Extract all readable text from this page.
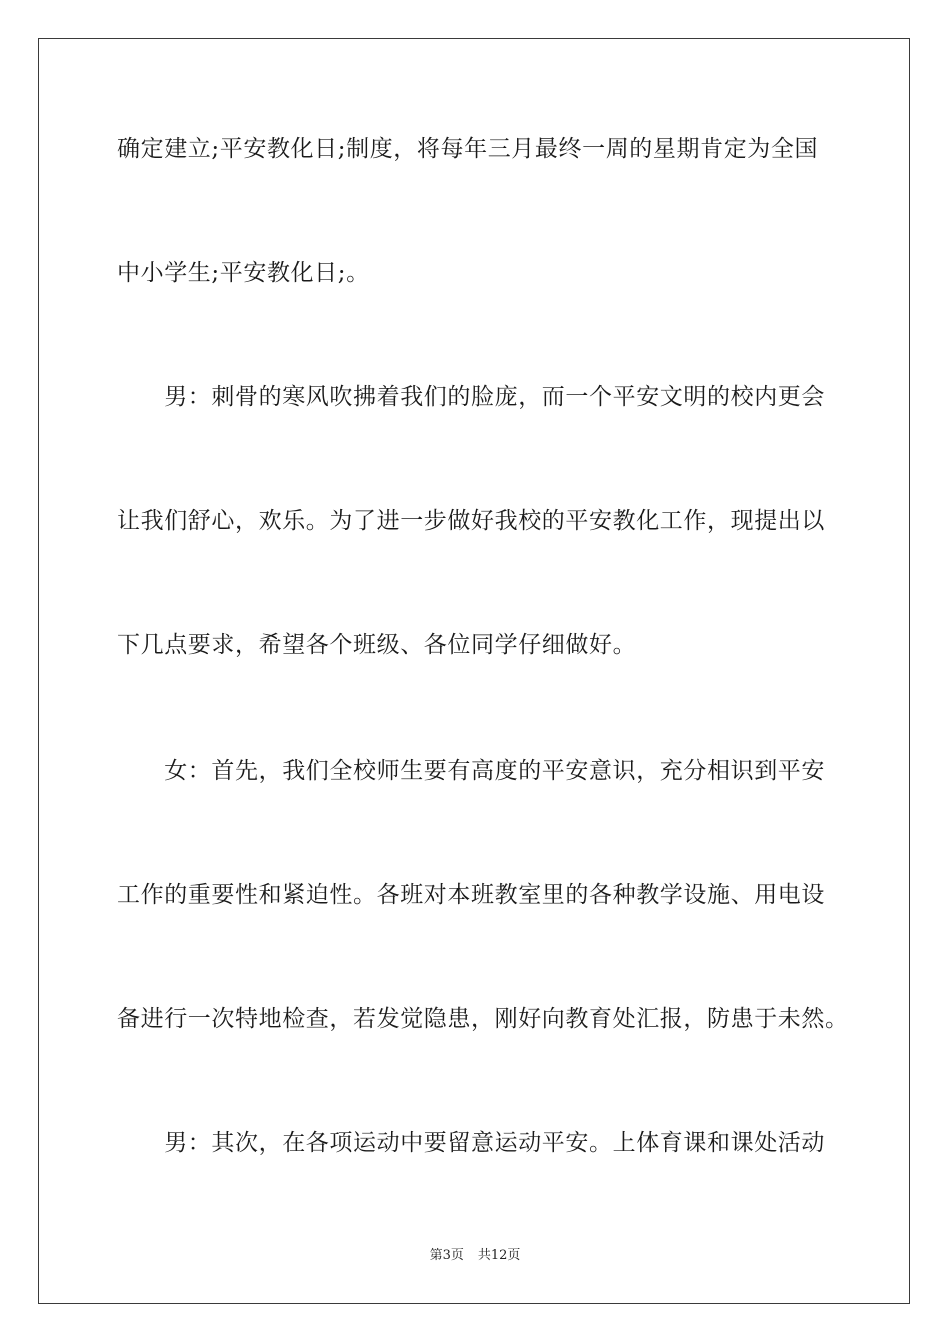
确定建立;平安教化日;制度，将每年三月最终一周的星期肯定为全国
中小学生;平安教化日;。
　　男：刺骨的寒风吹拂着我们的脸庞，而一个平安文明的校内更会
让我们舒心，欢乐。为了进一步做好我校的平安教化工作，现提出以
下几点要求，希望各个班级、各位同学仔细做好。
　　女：首先，我们全校师生要有高度的平安意识，充分相识到平安
工作的重要性和紧迫性。各班对本班教室里的各种教学设施、用电设
备进行一次特地检查，若发觉隐患，刚好向教育处汇报，防患于未然。
　　男：其次，在各项运动中要留意运动平安。上体育课和课处活动
第3页 共12页
